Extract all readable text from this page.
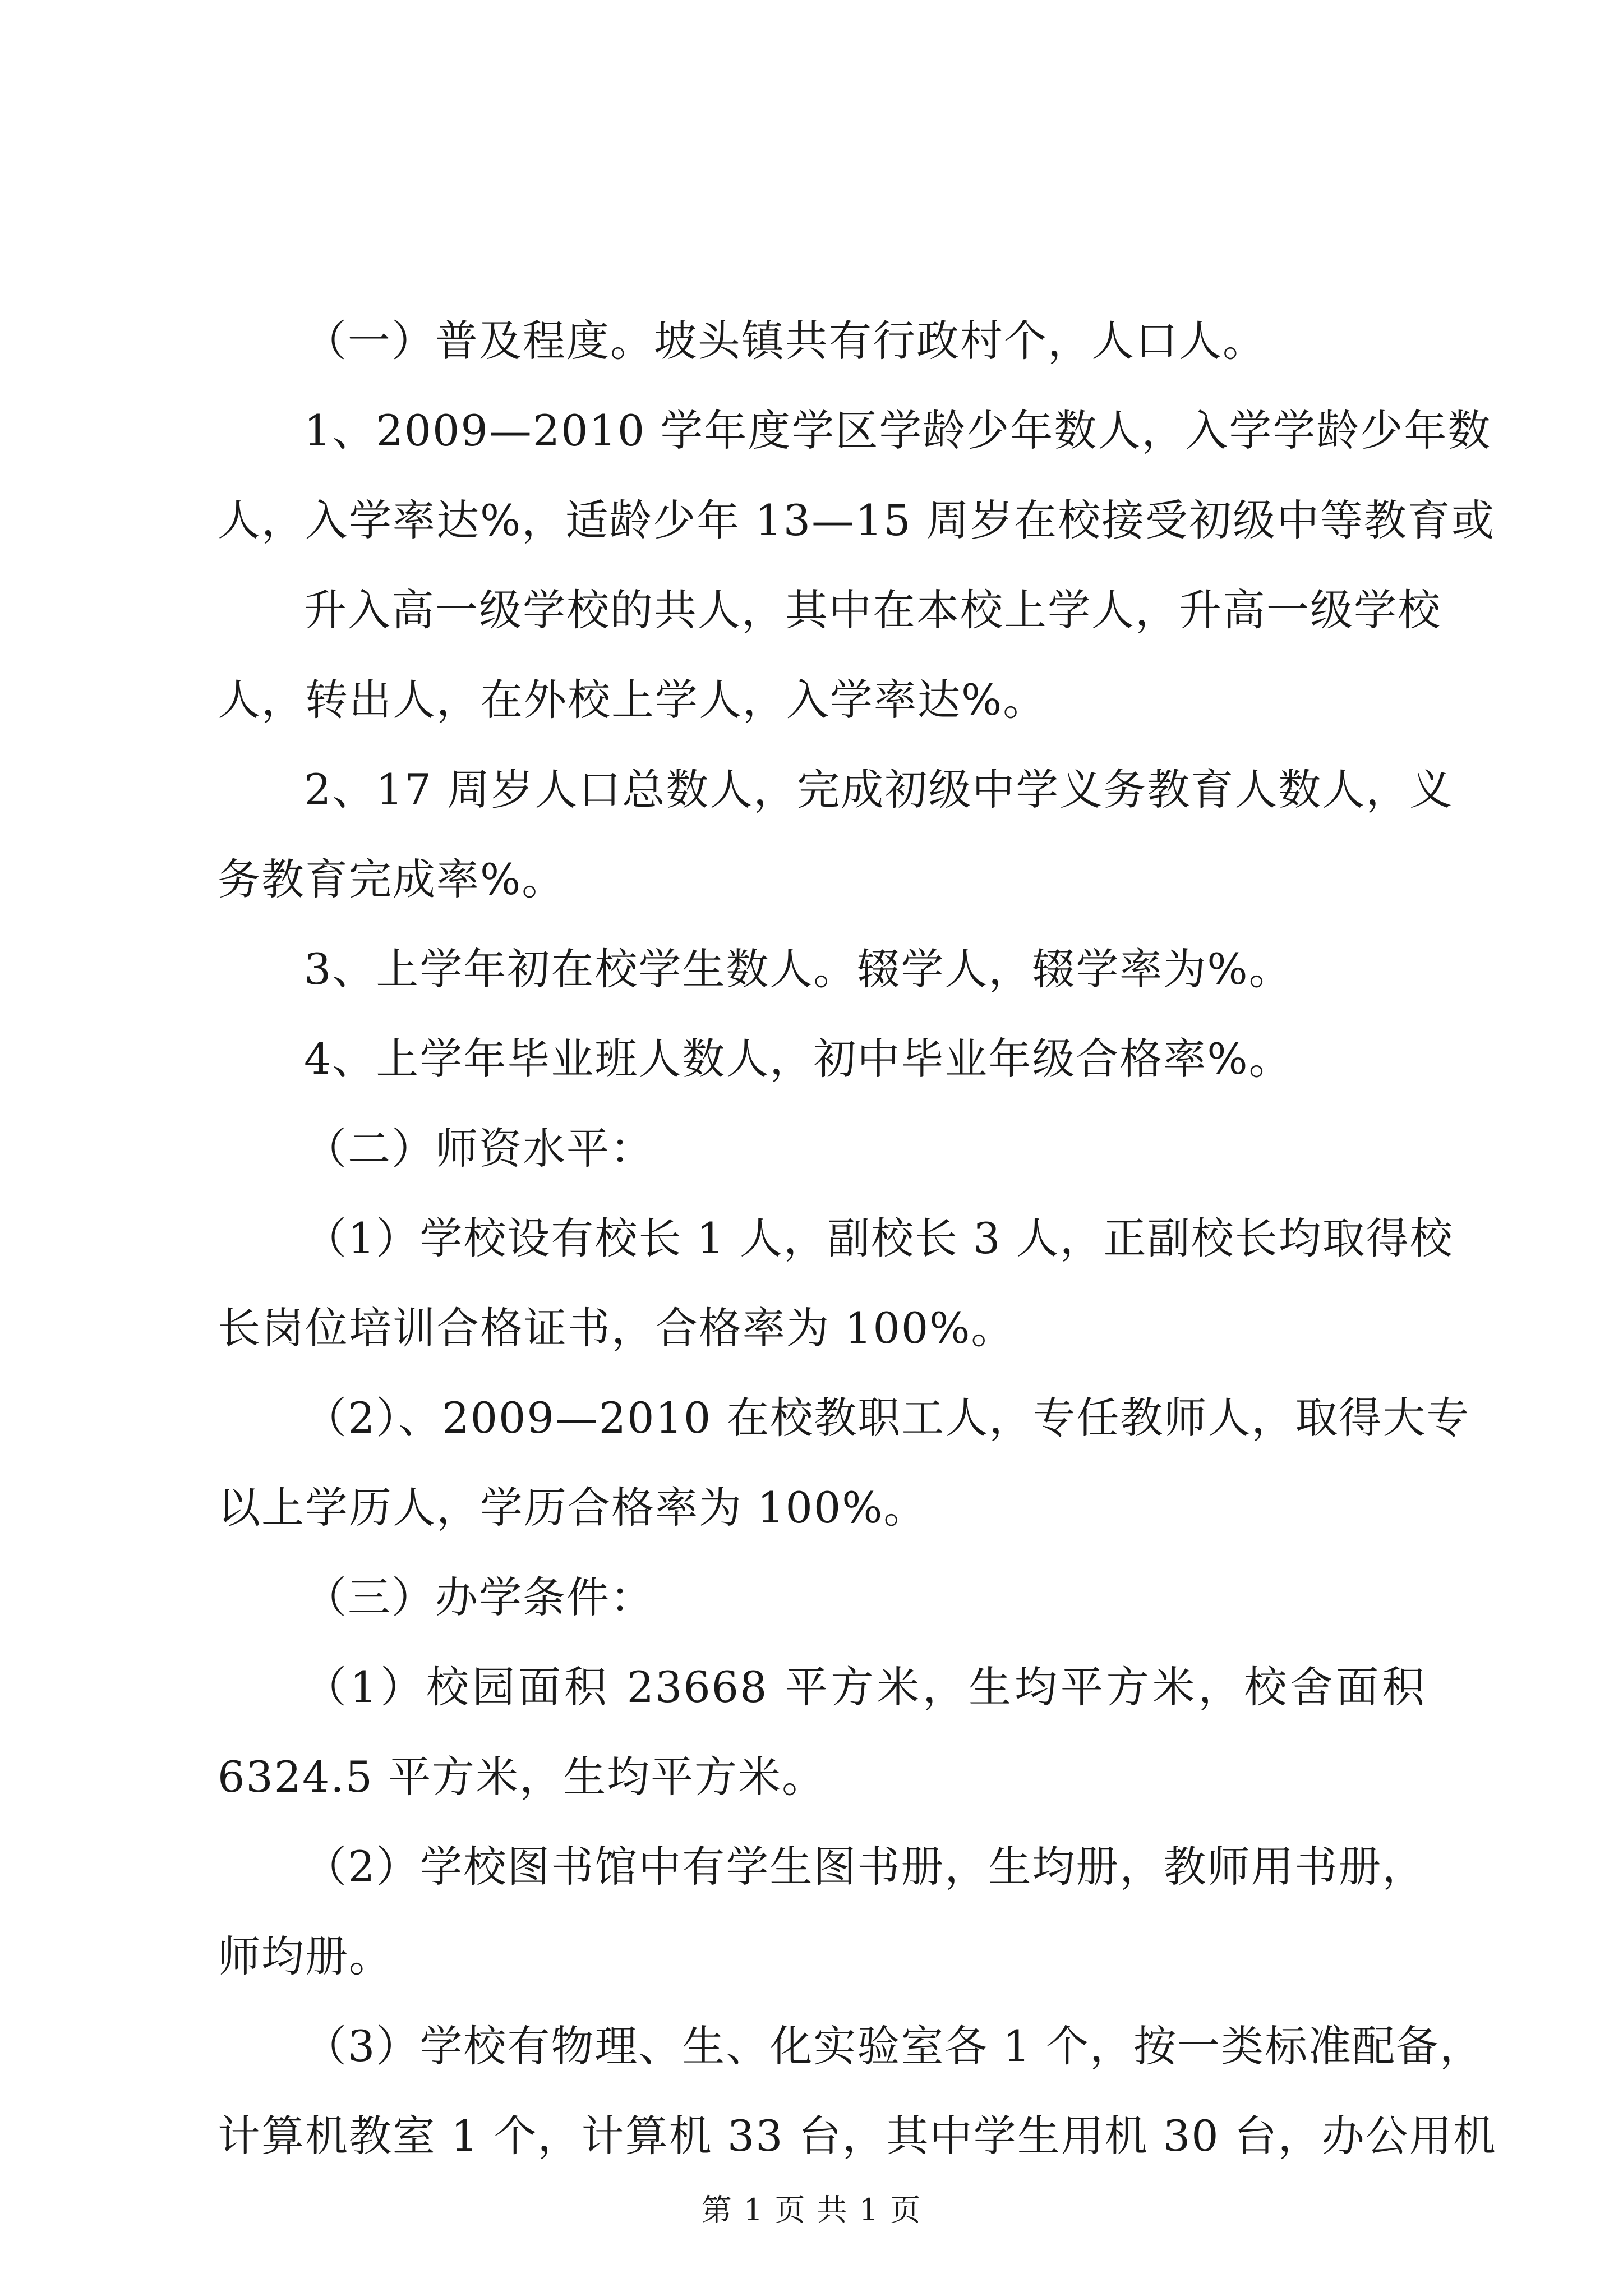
（一）普及程度。坡头镇共有行政村个，人口人。
1、2009—2010 学年度学区学龄少年数人，入学学龄少年数
人，入学率达%，适龄少年 13—15 周岁在校接受初级中等教育或
升入高一级学校的共人，其中在本校上学人，升高一级学校
人，转出人，在外校上学人，入学率达%。
2、17 周岁人口总数人，完成初级中学义务教育人数人，义
务教育完成率%。
3、上学年初在校学生数人。辍学人，辍学率为%。
4、上学年毕业班人数人，初中毕业年级合格率%。
（二）师资水平：
（1）学校设有校长 1 人，副校长 3 人，正副校长均取得校
长岗位培训合格证书，合格率为 100%。
（2）、2009—2010 在校教职工人，专任教师人，取得大专
以上学历人，学历合格率为 100%。
（三）办学条件：
（1）校园面积 23668 平方米，生均平方米，校舍面积
6324.5 平方米，生均平方米。
（2）学校图书馆中有学生图书册，生均册，教师用书册，
师均册。
（3）学校有物理、生、化实验室各 1 个，按一类标准配备，
计算机教室 1 个，计算机 33 台，其中学生用机 30 台，办公用机
第 1 页 共 1 页
